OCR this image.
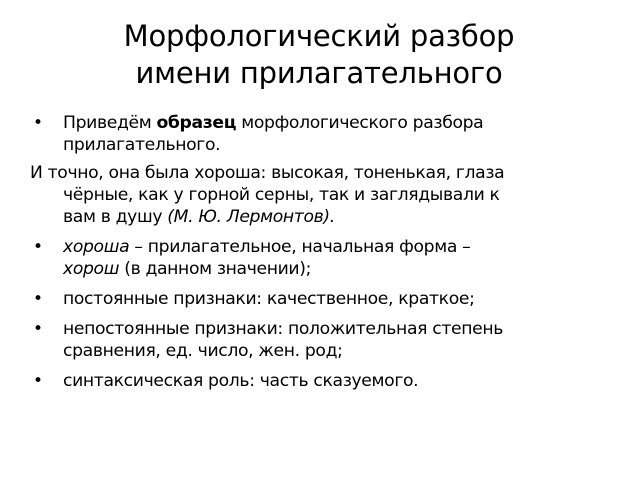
Морфологический разбор
имени прилагательного
• Приведём образец морфологического разбора
прилагательного.
И точно, она была хороша: высокая, тоненькая, глаза
чёрные, как у горной серны, так и заглядывали к
вам в душу (М. Ю. Лермонтов).
• хороша – прилагательное, начальная форма –
хорош (в данном значении);
• постоянные признаки: качественное, краткое;
• непостоянные признаки: положительная степень
сравнения, ед. число, жен. род;
• синтаксическая роль: часть сказуемого.
